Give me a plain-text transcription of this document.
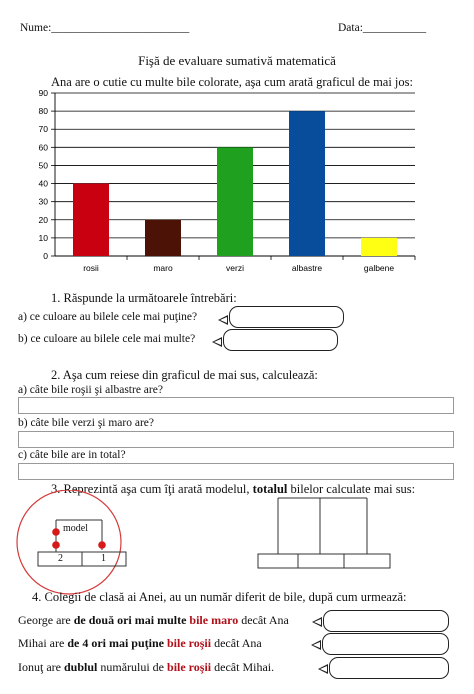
Nume:________________________	Data:___________
Fişă de evaluare sumativă matematică
Ana are o cutie cu multe bile colorate, aşa cum arată graficul de mai jos:
0
10
20
30
40
50
60
70
80
90
rosii	maro	verzi	albastre	galbene
1. Răspunde la următoarele întrebări:
a) ce culoare au bilele cele mai puţine?
b) ce culoare au bilele cele mai multe?
2. Aşa cum reiese din graficul de mai sus, calculează:
a) câte bile roşii şi albastre are?
b) câte bile verzi şi maro are?
c) câte bile are in total?
3. Reprezintă aşa cum îţi arată modelul, totalul bilelor calculate mai sus:
model
2	1
4. Colegii de clasă ai Anei, au un număr diferit de bile, după cum urmează:
George are de două ori mai multe bile maro decât Ana
Mihai are de 4 ori mai puţine bile roşii decât Ana
Ionuţ are dublul numărului de bile roşii decât Mihai.
